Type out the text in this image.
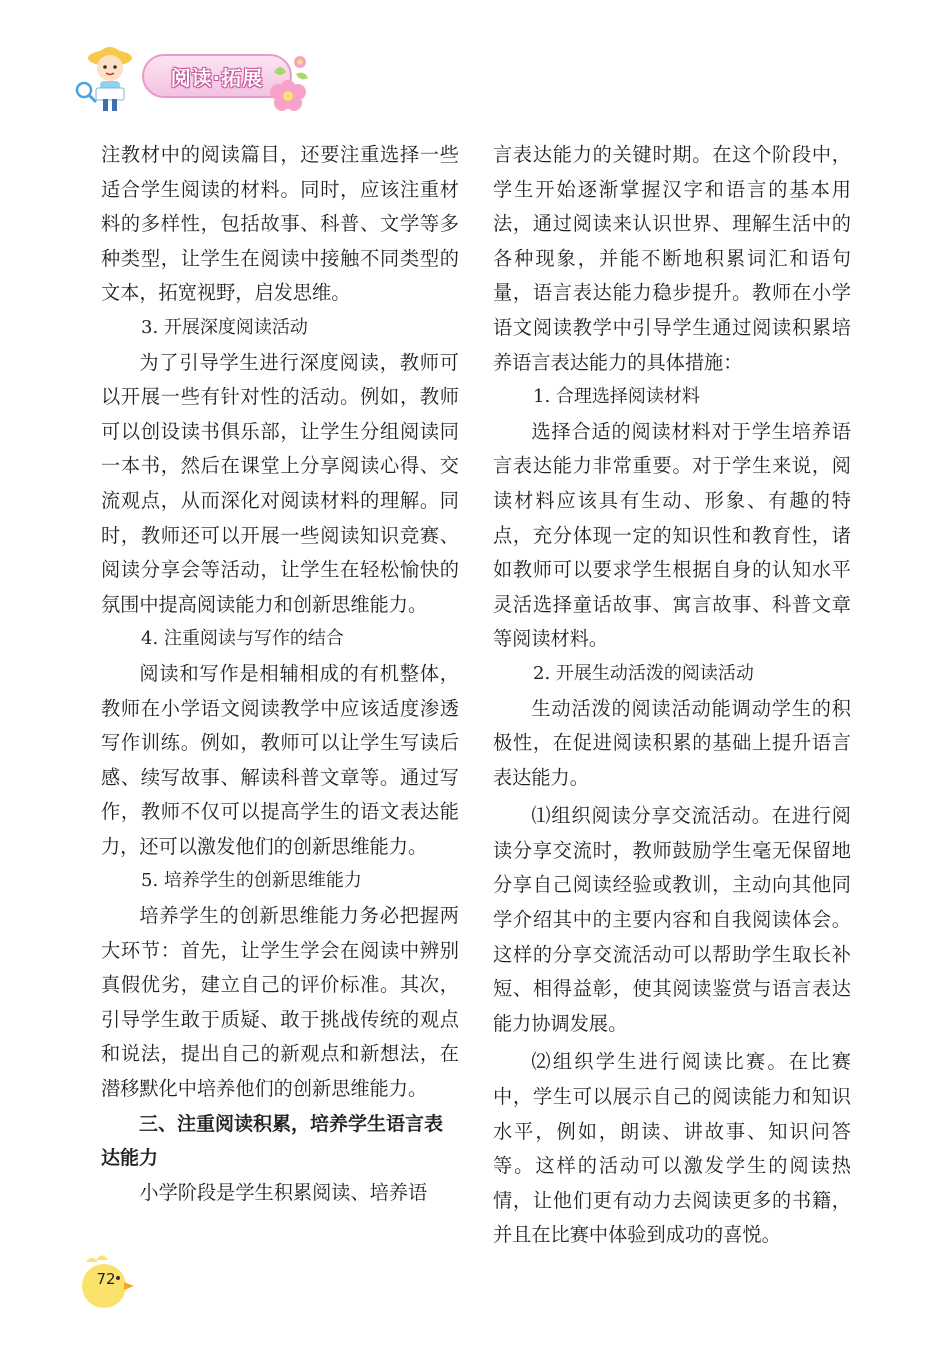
阅读·拓展

注教材中的阅读篇目，还要注重选择一些适合学生阅读的材料。同时，应该注重材料的多样性，包括故事、科普、文学等多种类型，让学生在阅读中接触不同类型的文本，拓宽视野，启发思维。

3. 开展深度阅读活动

为了引导学生进行深度阅读，教师可以开展一些有针对性的活动。例如，教师可以创设读书俱乐部，让学生分组阅读同一本书，然后在课堂上分享阅读心得、交流观点，从而深化对阅读材料的理解。同时，教师还可以开展一些阅读知识竞赛、阅读分享会等活动，让学生在轻松愉快的氛围中提高阅读能力和创新思维能力。

4. 注重阅读与写作的结合

阅读和写作是相辅相成的有机整体，教师在小学语文阅读教学中应该适度渗透写作训练。例如，教师可以让学生写读后感、续写故事、解读科普文章等。通过写作，教师不仅可以提高学生的语文表达能力，还可以激发他们的创新思维能力。

5. 培养学生的创新思维能力

培养学生的创新思维能力务必把握两大环节：首先，让学生学会在阅读中辨别真假优劣，建立自己的评价标准。其次，引导学生敢于质疑、敢于挑战传统的观点和说法，提出自己的新观点和新想法，在潜移默化中培养他们的创新思维能力。

三、注重阅读积累，培养学生语言表达能力

小学阶段是学生积累阅读、培养语

言表达能力的关键时期。在这个阶段中，学生开始逐渐掌握汉字和语言的基本用法，通过阅读来认识世界、理解生活中的各种现象，并能不断地积累词汇和语句量，语言表达能力稳步提升。教师在小学语文阅读教学中引导学生通过阅读积累培养语言表达能力的具体措施：

1. 合理选择阅读材料

选择合适的阅读材料对于学生培养语言表达能力非常重要。对于学生来说，阅读材料应该具有生动、形象、有趣的特点，充分体现一定的知识性和教育性，诸如教师可以要求学生根据自身的认知水平灵活选择童话故事、寓言故事、科普文章等阅读材料。

2. 开展生动活泼的阅读活动

生动活泼的阅读活动能调动学生的积极性，在促进阅读积累的基础上提升语言表达能力。

⑴组织阅读分享交流活动。在进行阅读分享交流时，教师鼓励学生毫无保留地分享自己阅读经验或教训，主动向其他同学介绍其中的主要内容和自我阅读体会。这样的分享交流活动可以帮助学生取长补短、相得益彰，使其阅读鉴赏与语言表达能力协调发展。

⑵组织学生进行阅读比赛。在比赛中，学生可以展示自己的阅读能力和知识水平，例如，朗读、讲故事、知识问答等。这样的活动可以激发学生的阅读热情，让他们更有动力去阅读更多的书籍，并且在比赛中体验到成功的喜悦。

72
